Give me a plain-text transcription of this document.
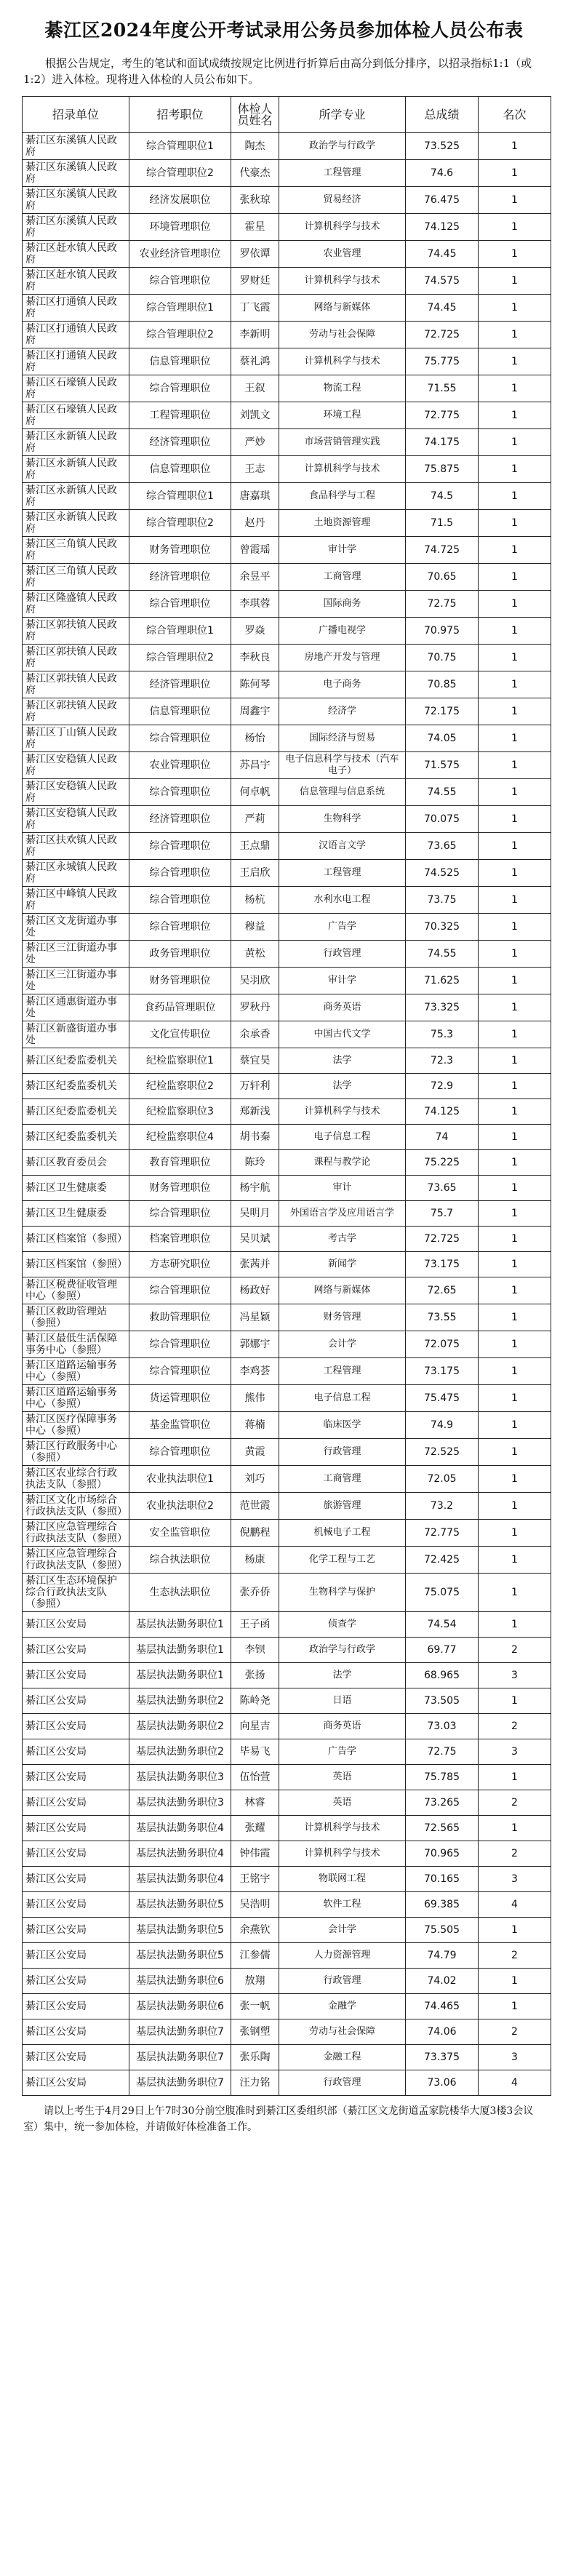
綦江区2024年度公开考试录用公务员参加体检人员公布表
根据公告规定，考生的笔试和面试成绩按规定比例进行折算后由高分到低分排序，以招录指标1:1（或1:2）进入体检。现将进入体检的人员公布如下。
招录单位	招考职位	体检人员姓名	所学专业	总成绩	名次
綦江区东溪镇人民政府	综合管理职位1	陶杰	政治学与行政学	73.525	1
綦江区东溪镇人民政府	综合管理职位2	代豪杰	工程管理	74.6	1
綦江区东溪镇人民政府	经济发展职位	张秋琼	贸易经济	76.475	1
綦江区东溪镇人民政府	环境管理职位	霍星	计算机科学与技术	74.125	1
綦江区赶水镇人民政府	农业经济管理职位	罗依谭	农业管理	74.45	1
綦江区赶水镇人民政府	综合管理职位	罗财廷	计算机科学与技术	74.575	1
綦江区打通镇人民政府	综合管理职位1	丁飞霞	网络与新媒体	74.45	1
綦江区打通镇人民政府	综合管理职位2	李新明	劳动与社会保障	72.725	1
綦江区打通镇人民政府	信息管理职位	蔡礼鸿	计算机科学与技术	75.775	1
綦江区石壕镇人民政府	综合管理职位	王叙	物流工程	71.55	1
綦江区石壕镇人民政府	工程管理职位	刘凯文	环境工程	72.775	1
綦江区永新镇人民政府	经济管理职位	严妙	市场营销管理实践	74.175	1
綦江区永新镇人民政府	信息管理职位	王志	计算机科学与技术	75.875	1
綦江区永新镇人民政府	综合管理职位1	唐嘉琪	食品科学与工程	74.5	1
綦江区永新镇人民政府	综合管理职位2	赵丹	土地资源管理	71.5	1
綦江区三角镇人民政府	财务管理职位	曾霞瑶	审计学	74.725	1
綦江区三角镇人民政府	经济管理职位	余昱平	工商管理	70.65	1
綦江区隆盛镇人民政府	综合管理职位	李琪蓉	国际商务	72.75	1
綦江区郭扶镇人民政府	综合管理职位1	罗焱	广播电视学	70.975	1
綦江区郭扶镇人民政府	综合管理职位2	李秋良	房地产开发与管理	70.75	1
綦江区郭扶镇人民政府	经济管理职位	陈何琴	电子商务	70.85	1
綦江区郭扶镇人民政府	信息管理职位	周鑫宇	经济学	72.175	1
綦江区丁山镇人民政府	综合管理职位	杨怡	国际经济与贸易	74.05	1
綦江区安稳镇人民政府	农业管理职位	苏昌宇	电子信息科学与技术（汽车电子）	71.575	1
綦江区安稳镇人民政府	综合管理职位	何卓帆	信息管理与信息系统	74.55	1
綦江区安稳镇人民政府	经济管理职位	严莉	生物科学	70.075	1
綦江区扶欢镇人民政府	综合管理职位	王点鼎	汉语言文学	73.65	1
綦江区永城镇人民政府	综合管理职位	王启欣	工程管理	74.525	1
綦江区中峰镇人民政府	综合管理职位	杨杭	水利水电工程	73.75	1
綦江区文龙街道办事处	综合管理职位	穆益	广告学	70.325	1
綦江区三江街道办事处	政务管理职位	黄松	行政管理	74.55	1
綦江区三江街道办事处	财务管理职位	吴羽欣	审计学	71.625	1
綦江区通惠街道办事处	食药品管理职位	罗秋丹	商务英语	73.325	1
綦江区新盛街道办事处	文化宣传职位	余承香	中国古代文学	75.3	1
綦江区纪委监委机关	纪检监察职位1	蔡宜昊	法学	72.3	1
綦江区纪委监委机关	纪检监察职位2	万轩利	法学	72.9	1
綦江区纪委监委机关	纪检监察职位3	郑新浅	计算机科学与技术	74.125	1
綦江区纪委监委机关	纪检监察职位4	胡书秦	电子信息工程	74	1
綦江区教育委员会	教育管理职位	陈玲	课程与教学论	75.225	1
綦江区卫生健康委	财务管理职位	杨宇航	审计	73.65	1
綦江区卫生健康委	综合管理职位	吴明月	外国语言学及应用语言学	75.7	1
綦江区档案馆（参照）	档案管理职位	吴贝斌	考古学	72.725	1
綦江区档案馆（参照）	方志研究职位	张茜并	新闻学	73.175	1
綦江区税费征收管理中心（参照）	综合管理职位	杨政好	网络与新媒体	72.65	1
綦江区救助管理站（参照）	救助管理职位	冯星颖	财务管理	73.55	1
綦江区最低生活保障事务中心（参照）	综合管理职位	郭娜宇	会计学	72.075	1
綦江区道路运输事务中心（参照）	综合管理职位	李鸡荟	工程管理	73.175	1
綦江区道路运输事务中心（参照）	货运管理职位	熊伟	电子信息工程	75.475	1
綦江区医疗保障事务中心（参照）	基金监管职位	蒋楠	临床医学	74.9	1
綦江区行政服务中心（参照）	综合管理职位	黄霞	行政管理	72.525	1
綦江区农业综合行政执法支队（参照）	农业执法职位1	刘巧	工商管理	72.05	1
綦江区文化市场综合行政执法支队（参照）	农业执法职位2	范世霞	旅游管理	73.2	1
綦江区应急管理综合行政执法支队（参照）	安全监管职位	倪鹏程	机械电子工程	72.775	1
綦江区应急管理综合行政执法支队（参照）	综合执法职位	杨康	化学工程与工艺	72.425	1
綦江区生态环境保护综合行政执法支队（参照）	生态执法职位	张乔侨	生物科学与保护	75.075	1
綦江区公安局	基层执法勤务职位1	王子函	侦查学	74.54	1
綦江区公安局	基层执法勤务职位1	李钡	政治学与行政学	69.77	2
綦江区公安局	基层执法勤务职位1	张扬	法学	68.965	3
綦江区公安局	基层执法勤务职位2	陈岭尧	日语	73.505	1
綦江区公安局	基层执法勤务职位2	向星吉	商务英语	73.03	2
綦江区公安局	基层执法勤务职位2	毕易飞	广告学	72.75	3
綦江区公安局	基层执法勤务职位3	伍怡萱	英语	75.785	1
綦江区公安局	基层执法勤务职位3	林睿	英语	73.265	2
綦江区公安局	基层执法勤务职位4	张耀	计算机科学与技术	72.565	1
綦江区公安局	基层执法勤务职位4	钟伟霞	计算机科学与技术	70.965	2
綦江区公安局	基层执法勤务职位4	王铭宇	物联网工程	70.165	3
綦江区公安局	基层执法勤务职位5	吴浩明	软件工程	69.385	4
綦江区公安局	基层执法勤务职位5	余燕钦	会计学	75.505	1
綦江区公安局	基层执法勤务职位5	江参儒	人力资源管理	74.79	2
綦江区公安局	基层执法勤务职位6	敖翔	行政管理	74.02	1
綦江区公安局	基层执法勤务职位6	张一帆	金融学	74.465	1
綦江区公安局	基层执法勤务职位7	张钢塑	劳动与社会保障	74.06	2
綦江区公安局	基层执法勤务职位7	张乐陶	金融工程	73.375	3
綦江区公安局	基层执法勤务职位7	汪力铭	行政管理	73.06	4
请以上考生于4月29日上午7时30分前空腹准时到綦江区委组织部（綦江区文龙街道孟家院楼华大厦3楼3会议室）集中，统一参加体检，并请做好体检准备工作。
